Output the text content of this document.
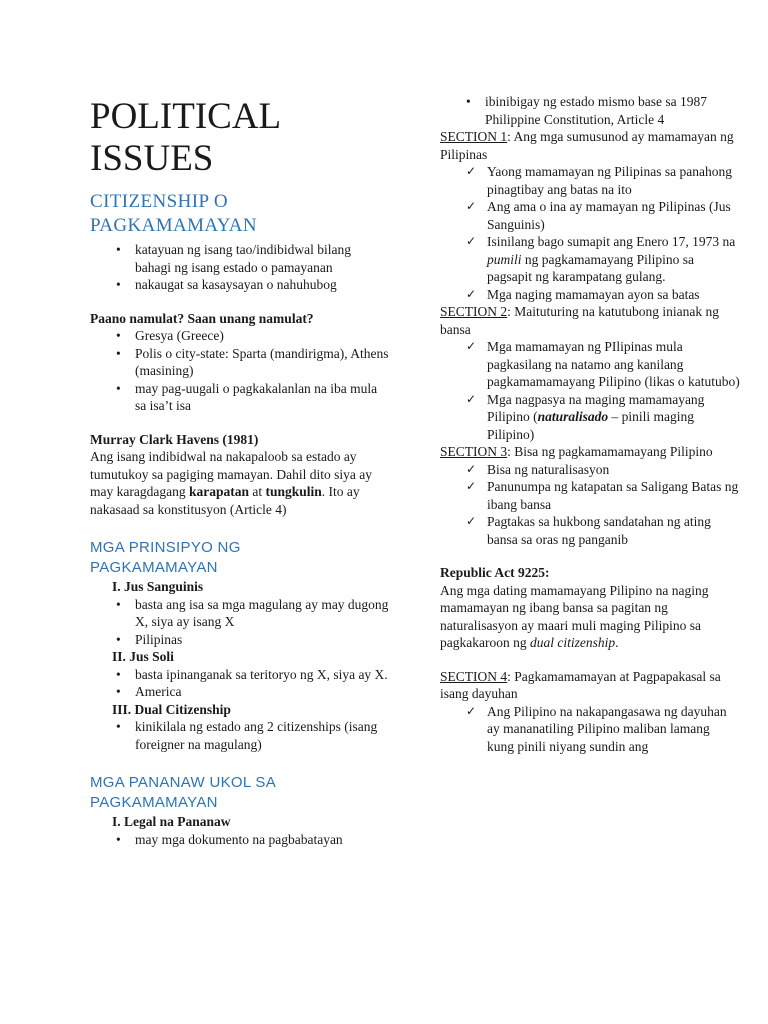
POLITICAL
ISSUES
CITIZENSHIP O
PAGKAMAMAYAN
• katayuan ng isang tao/indibidwal bilang bahagi ng isang estado o pamayanan
• nakaugat sa kasaysayan o nahuhubog
Paano namulat? Saan unang namulat?
• Gresya (Greece)
• Polis o city-state: Sparta (mandirigma), Athens (masining)
• may pag-uugali o pagkakalanlan na iba mula sa isa’t isa
Murray Clark Havens (1981)

Ang isang indibidwal na nakapaloob sa estado ay tumutukoy sa pagiging mamayan. Dahil dito siya ay may karagdagang karapatan at tungkulin. Ito ay nakasaad sa konstitusyon (Article 4)

MGA PRINSIPYO NG
PAGKAMAMAYAN
I. Jus Sanguinis
• basta ang isa sa mga magulang ay may dugong X, siya ay isang X
• Pilipinas
II. Jus Soli
• basta ipinanganak sa teritoryo ng X, siya ay X.
• America
III. Dual Citizenship
• kinikilala ng estado ang 2 citizenships (isang foreigner na magulang)
MGA PANANAW UKOL SA
PAGKAMAMAYAN
I. Legal na Pananaw
• may mga dokumento na pagbabatayan
• ibinibigay ng estado mismo base sa 1987 Philippine Constitution, Article 4

SECTION 1: Ang mga sumusunod ay mamamayan ng Pilipinas

✓ Yaong mamamayan ng Pilipinas sa panahong pinagtibay ang batas na ito
✓ Ang ama o ina ay mamayan ng Pilipinas (Jus Sanguinis)
✓ Isinilang bago sumapit ang Enero 17, 1973 na pumili ng pagkamamayang Pilipino sa pagsapit ng karampatang gulang.
✓ Mga naging mamamayan ayon sa batas

SECTION 2: Maituturing na katutubong inianak ng bansa

✓ Mga mamamayan ng PIlipinas mula pagkasilang na natamo ang kanilang pagkamamamayang Pilipino (likas o katutubo)
✓ Mga nagpasya na maging mamamayang Pilipino (naturalisado – pinili maging Pilipino)

SECTION 3: Bisa ng pagkamamamayang Pilipino

✓ Bisa ng naturalisasyon
✓ Panunumpa ng katapatan sa Saligang Batas ng ibang bansa
✓ Pagtakas sa hukbong sandatahan ng ating bansa sa oras ng panganib
Republic Act 9225:

Ang mga dating mamamayang Pilipino na naging mamamayan ng ibang bansa sa pagitan ng naturalisasyon ay maari muli maging Pilipino sa pagkakaroon ng dual citizenship.

SECTION 4: Pagkamamamayan at Pagpapakasal sa isang dayuhan

✓ Ang Pilipino na nakapangasawa ng dayuhan ay mananatiling Pilipino maliban lamang kung pinili niyang sundin ang
